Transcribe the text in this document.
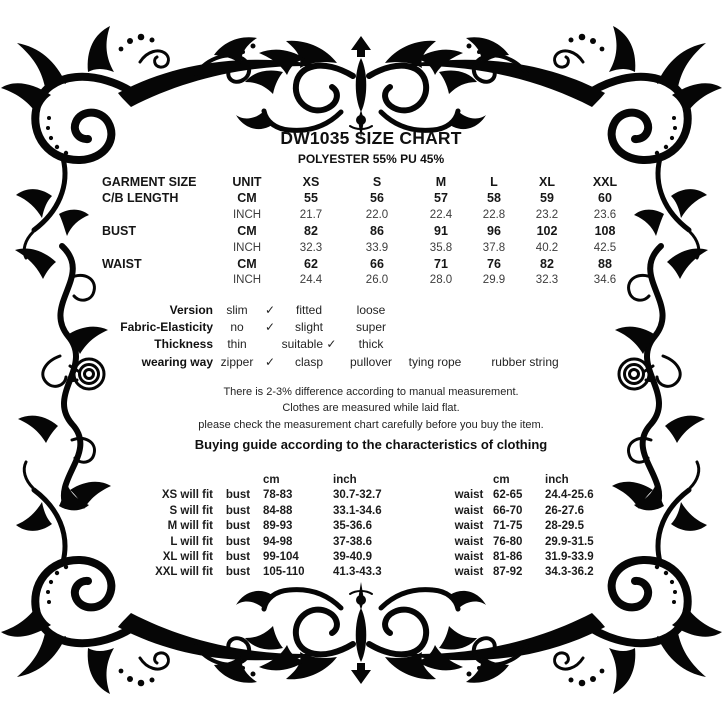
DW1035 SIZE CHART
POLYESTER 55% PU 45%
GARMENT SIZE	UNIT	XS	S	M	L	XL	XXL
C/B LENGTH	CM	55	56	57	58	59	60
INCH	21.7	22.0	22.4	22.8	23.2	23.6
BUST	CM	82	86	91	96	102	108
INCH	32.3	33.9	35.8	37.8	40.2	42.5
WAIST	CM	62	66	71	76	82	88
INCH	24.4	26.0	28.0	29.9	32.3	34.6
Version	slim	✓	fitted	loose
Fabric-Elasticity	no	✓	slight	super
Thickness	thin	suitable ✓	thick
wearing way zipper ✓	clasp	pullover	tying rope	rubber string
There is 2-3% difference according to manual measurement.
Clothes are measured while laid flat.
please check the measurement chart carefully before you buy the item.
Buying guide according to the characteristics of clothing
cm	inch	cm	inch
XS will fit	bust	78-83	30.7-32.7	waist 62-65	24.4-25.6
S will fit	bust	84-88	33.1-34.6	waist 66-70	26-27.6
M will fit	bust	89-93	35-36.6	waist 71-75	28-29.5
L will fit	bust	94-98	37-38.6	waist 76-80	29.9-31.5
XL will fit	bust	99-104	39-40.9	waist 81-86	31.9-33.9
XXL will fit	bust	105-110	41.3-43.3	waist 87-92	34.3-36.2
